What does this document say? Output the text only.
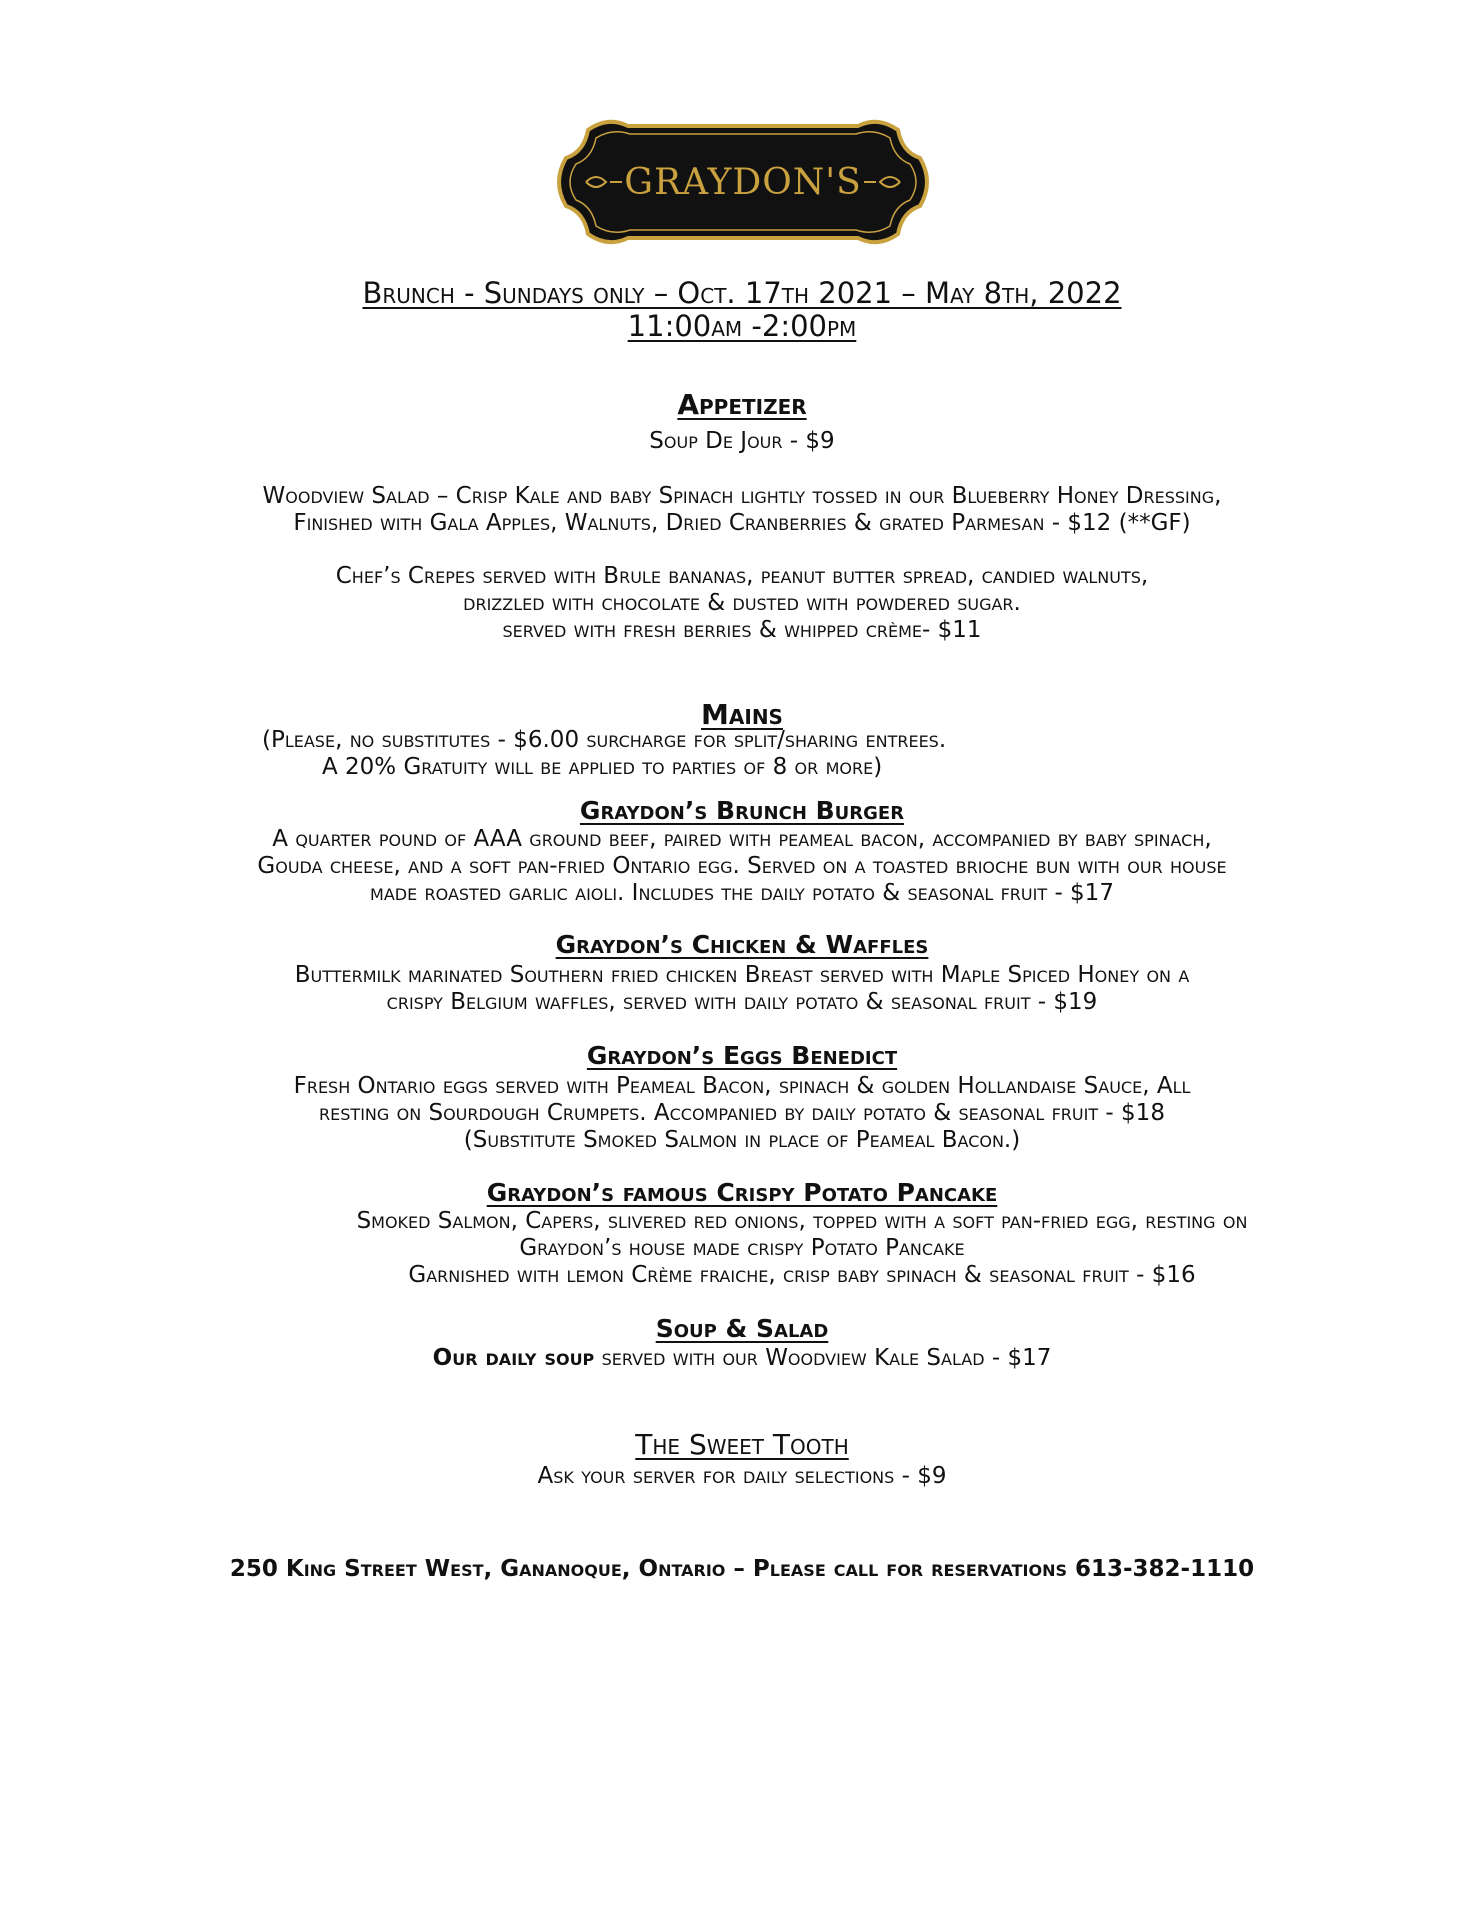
GRAYDON'S
Brunch - Sundays only – Oct. 17th 2021 – May 8th, 2022
11:00am -2:00pm
Appetizer
Soup De Jour - $9
Woodview Salad – Crisp Kale and baby Spinach lightly tossed in our Blueberry Honey Dressing,
Finished with Gala Apples, Walnuts, Dried Cranberries & grated Parmesan - $12 (**GF)
Chef’s Crepes served with Brule bananas, peanut butter spread, candied walnuts,
drizzled with chocolate & dusted with powdered sugar.
served with fresh berries & whipped crème- $11
Mains
(Please, no substitutes - $6.00 surcharge for split/sharing entrees.
A 20% Gratuity will be applied to parties of 8 or more)
Graydon’s Brunch Burger
A quarter pound of AAA ground beef, paired with peameal bacon, accompanied by baby spinach,
Gouda cheese, and a soft pan-fried Ontario egg. Served on a toasted brioche bun with our house
made roasted garlic aioli. Includes the daily potato & seasonal fruit - $17
Graydon’s Chicken & Waffles
Buttermilk marinated Southern fried chicken Breast served with Maple Spiced Honey on a
crispy Belgium waffles, served with daily potato & seasonal fruit - $19
Graydon’s Eggs Benedict
Fresh Ontario eggs served with Peameal Bacon, spinach & golden Hollandaise Sauce, All
resting on Sourdough Crumpets. Accompanied by daily potato & seasonal fruit - $18
(Substitute Smoked Salmon in place of Peameal Bacon.)
Graydon’s famous Crispy Potato Pancake
Smoked Salmon, Capers, slivered red onions, topped with a soft pan-fried egg, resting on
Graydon’s house made crispy Potato Pancake
Garnished with lemon Crème fraiche, crisp baby spinach & seasonal fruit - $16
Soup & Salad
Our daily soup served with our Woodview Kale Salad - $17
The Sweet Tooth
Ask your server for daily selections - $9
250 King Street West, Gananoque, Ontario – Please call for reservations 613-382-1110
